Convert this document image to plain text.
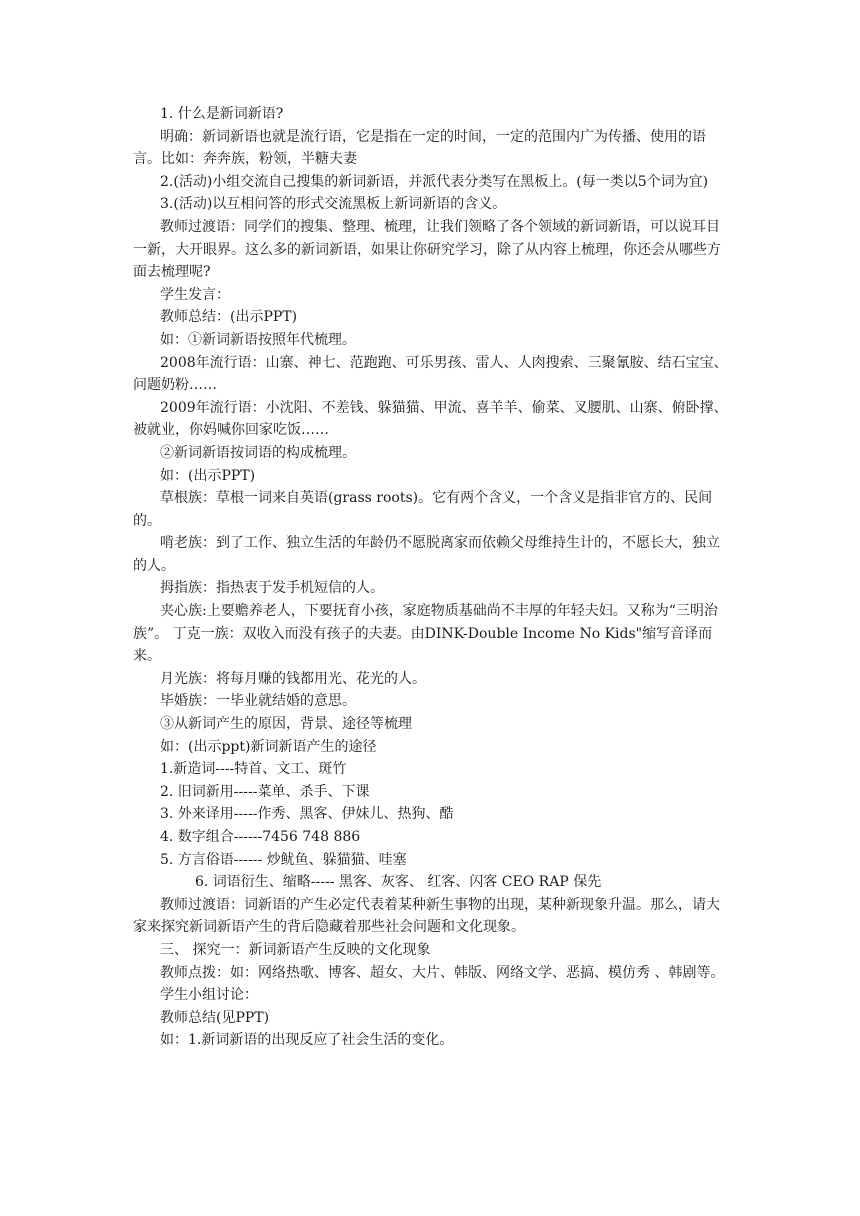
1. 什么是新词新语?
明确：新词新语也就是流行语，它是指在一定的时间，一定的范围内广为传播、使用的语言。比如：奔奔族，粉领，半糖夫妻
2.(活动)小组交流自己搜集的新词新语，并派代表分类写在黑板上。(每一类以5个词为宜)
3.(活动)以互相问答的形式交流黑板上新词新语的含义。
教师过渡语：同学们的搜集、整理、梳理，让我们领略了各个领域的新词新语，可以说耳目一新，大开眼界。这么多的新词新语，如果让你研究学习，除了从内容上梳理，你还会从哪些方面去梳理呢?
学生发言：
教师总结：(出示PPT)
如：①新词新语按照年代梳理。
2008年流行语：山寨、神七、范跑跑、可乐男孩、雷人、人肉搜索、三聚氰胺、结石宝宝、问题奶粉……
2009年流行语：小沈阳、不差钱、躲猫猫、甲流、喜羊羊、偷菜、叉腰肌、山寨、俯卧撑、被就业，你妈喊你回家吃饭……
②新词新语按词语的构成梳理。
如：(出示PPT)
草根族：草根一词来自英语(grass roots)。它有两个含义，一个含义是指非官方的、民间的。
啃老族：到了工作、独立生活的年龄仍不愿脱离家而依赖父母维持生计的，不愿长大，独立的人。
拇指族：指热衷于发手机短信的人。
夹心族:上要赡养老人，下要抚育小孩，家庭物质基础尚不丰厚的年轻夫妇。又称为“三明治族”。 丁克一族：双收入而没有孩子的夫妻。由DINK-Double Income No Kids"缩写音译而来。
月光族：将每月赚的钱都用光、花光的人。
毕婚族：一毕业就结婚的意思。
③从新词产生的原因，背景、途径等梳理
如：(出示ppt)新词新语产生的途径
1.新造词----特首、文工、斑竹
2. 旧词新用-----菜单、杀手、下课
3. 外来译用-----作秀、黑客、伊妹儿、热狗、酷
4. 数字组合------7456 748 886
5. 方言俗语------ 炒鱿鱼、躲猫猫、哇塞
6. 词语衍生、缩略----- 黑客、灰客、 红客、闪客 CEO RAP 保先
教师过渡语：词新语的产生必定代表着某种新生事物的出现，某种新现象升温。那么，请大家来探究新词新语产生的背后隐藏着那些社会问题和文化现象。
三、 探究一：新词新语产生反映的文化现象
教师点拨：如：网络热歌、博客、超女、大片、韩版、网络文学、恶搞、模仿秀 、韩剧等。
学生小组讨论：
教师总结(见PPT)
如：1.新词新语的出现反应了社会生活的变化。
